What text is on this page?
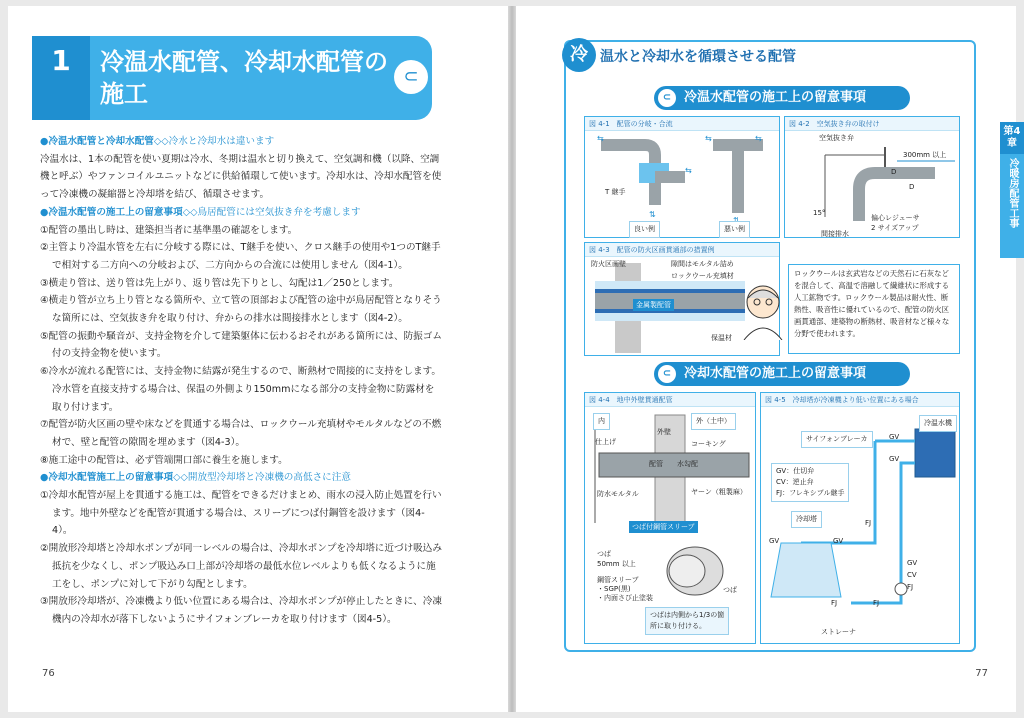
1	冷温水配管、冷却水配管の施工
⊂

●冷温水配管と冷却水配管◇◇冷水と冷却水は違います

冷温水は、1本の配管を使い夏期は冷水、冬期は温水と切り換えて、空気調和機（以降、空調機と呼ぶ）やファンコイルユニットなどに供給循環して使います。冷却水は、冷却水配管を使って冷凍機の凝縮器と冷却塔を結び、循環させます。

●冷温水配管の施工上の留意事項◇◇鳥居配管には空気抜き弁を考慮します

①配管の墨出し時は、建築担当者に基準墨の確認をします。

②主管より冷温水管を左右に分岐する際には、T継手を使い、クロス継手の使用や1つのT継手で相対する二方向への分岐および、二方向からの合流には使用しません（図4-1）。

③横走り管は、送り管は先上がり、返り管は先下りとし、勾配は1／250とします。

④横走り管が立ち上り管となる箇所や、立て管の頂部および配管の途中が鳥居配管となりそうな箇所には、空気抜き弁を取り付け、弁からの排水は間接排水とします（図4-2）。

⑤配管の振動や騒音が、支持金物を介して建築躯体に伝わるおそれがある箇所には、防振ゴム付の支持金物を使います。

⑥冷水が流れる配管には、支持金物に結露が発生するので、断熱材で間接的に支持をします。冷水管を直接支持する場合は、保温の外側より150mmになる部分の支持金物に防露材を取り付けます。

⑦配管が防火区画の壁や床などを貫通する場合は、ロックウール充填材やモルタルなどの不燃材で、壁と配管の隙間を埋めます（図4-3）。

⑧施工途中の配管は、必ず管端開口部に養生を施します。

●冷却水配管施工上の留意事項◇◇開放型冷却塔と冷凍機の高低さに注意

①冷却水配管が屋上を貫通する施工は、配管をできるだけまとめ、雨水の浸入防止処置を行います。地中外壁などを配管が貫通する場合は、スリーブにつば付鋼管を設けます（図4-4）。

②開放形冷却塔と冷却水ポンプが同一レベルの場合は、冷却水ポンプを冷却塔に近づけ吸込み抵抗を少なくし、ポンプ吸込み口上部が冷却塔の最低水位レベルよりも低くなるように施工をし、ポンプに対して下がり勾配とします。

③開放形冷却塔が、冷凍機より低い位置にある場合は、冷却水ポンプが停止したときに、冷凍機内の冷却水が落下しないようにサイフォンブレーカを取り付けます（図4-5）。

76	77
冷 温水と冷却水を循環させる配管
⊂ 冷温水配管の施工上の留意事項
図 4-1　配管の分岐・合流
⇆
⇆
⇅
⇆	⇆
T 継手
良い例	悪い例
図 4-2　空気抜き弁の取付け
空気抜き弁
300mm 以上
D
D
15°
偏心レジューサ
2 サイズアップ
間接排水
図 4-3　配管の防火区画貫通部の措置例
防火区画壁	隙間はモルタル詰め
ロックウール充填材
金属製配管
保温材
ロックウールは玄武岩などの天然石に石灰などを混合して、高温で溶融して繊維状に形成する人工鉱物です。ロックウール製品は耐火性、断熱性、吸音性に優れているので、配管の防火区画貫通部、建築物の断熱材、吸音材など様々な分野で使われます。
⊂ 冷却水配管の施工上の留意事項
図 4-4　地中外壁貫通配管
内	外（土中）
外壁
仕上げ	コーキング
配管 水勾配
防水モルタル	ヤーン（粗製麻）
つば付鋼管スリーブ
つば
50mm 以上
つば
鋼管スリーブ
・SGP(黒)
・内面さび止塗装
つばは内側から1/3の箇
所に取り付ける。
図 4-5　冷却塔が冷凍機より低い位置にある場合
サイフォンブレーカ
冷温水機
GV
GV
GV：仕切弁
CV：逆止弁
FJ：フレキシブル継手
冷却塔	FJ
GV	GV
GV
CV
FJ
FJ	FJ
ストレーナ
第4章
冷暖房配管工事
